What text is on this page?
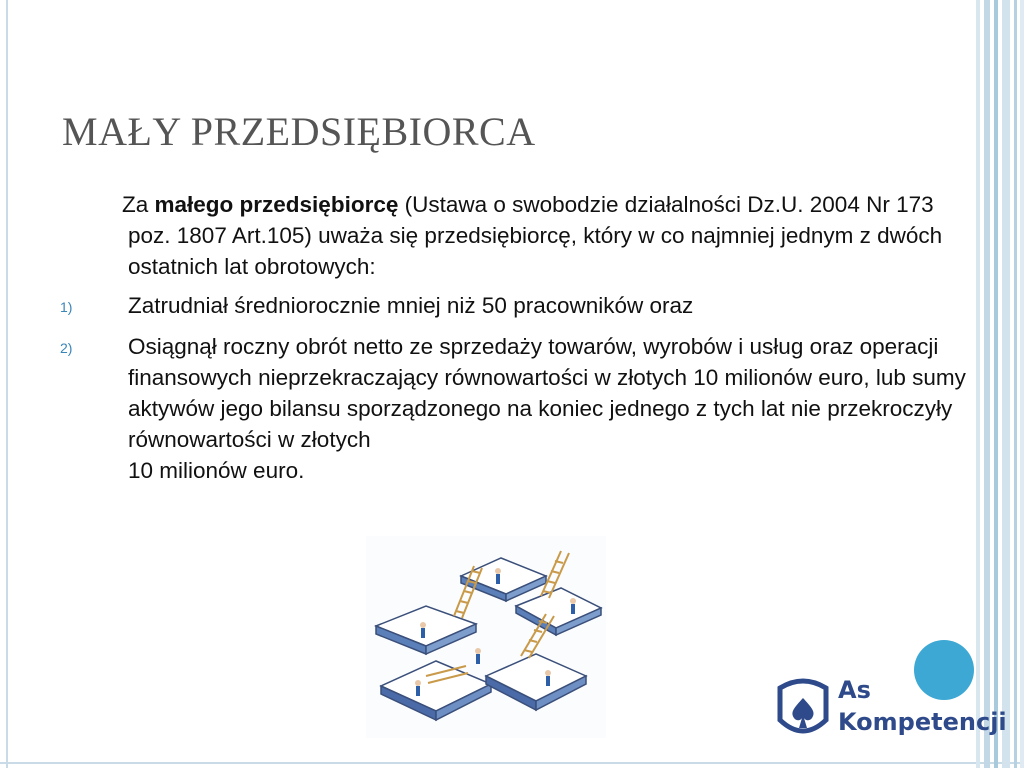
MAŁY PRZEDSIĘBIORCA

Za małego przedsiębiorcę (Ustawa o swobodzie działalności Dz.U. 2004 Nr 173 poz. 1807 Art.105) uważa się przedsiębiorcę, który w co najmniej jednym z dwóch ostatnich lat obrotowych:

1) Zatrudniał średniorocznie mniej niż 50 pracowników oraz
2) Osiągnął roczny obrót netto ze sprzedaży towarów, wyrobów i usług oraz operacji finansowych nieprzekraczający równowartości w złotych 10 milionów euro, lub sumy aktywów jego bilansu sporządzonego na koniec jednego z tych lat nie przekroczyły równowartości w złotych
10 milionów euro.
As
Kompetencji
